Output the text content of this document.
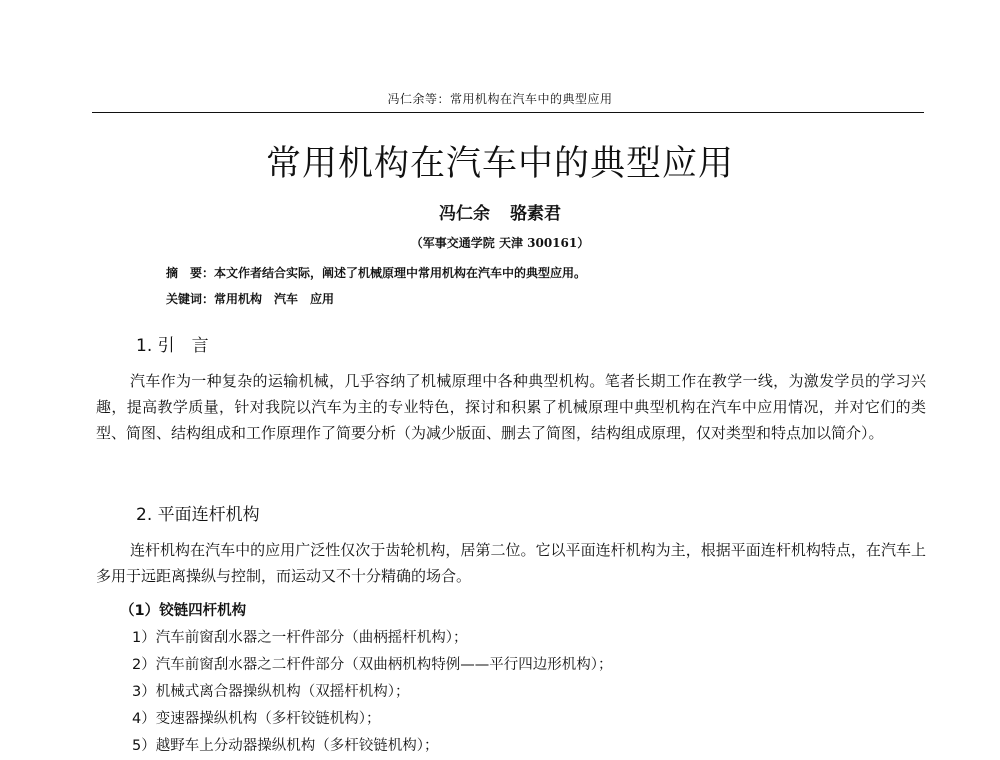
冯仁余等：常用机构在汽车中的典型应用
常用机构在汽车中的典型应用
冯仁余 骆素君
（军事交通学院 天津 300161）
摘　要：本文作者结合实际，阐述了机械原理中常用机构在汽车中的典型应用。
关键词：常用机构　汽车　应用
1. 引　言

汽车作为一种复杂的运输机械，几乎容纳了机械原理中各种典型机构。笔者长期工作在教学一线，为激发学员的学习兴趣，提高教学质量，针对我院以汽车为主的专业特色，探讨和积累了机械原理中典型机构在汽车中应用情况，并对它们的类型、简图、结构组成和工作原理作了简要分析（为减少版面、删去了简图，结构组成原理，仅对类型和特点加以简介）。

2. 平面连杆机构

连杆机构在汽车中的应用广泛性仅次于齿轮机构，居第二位。它以平面连杆机构为主，根据平面连杆机构特点，在汽车上多用于远距离操纵与控制，而运动又不十分精确的场合。

（1）铰链四杆机构
1）汽车前窗刮水器之一杆件部分（曲柄摇杆机构）；
2）汽车前窗刮水器之二杆件部分（双曲柄机构特例——平行四边形机构）；
3）机械式离合器操纵机构（双摇杆机构）；
4）变速器操纵机构（多杆铰链机构）；
5）越野车上分动器操纵机构（多杆铰链机构）；
